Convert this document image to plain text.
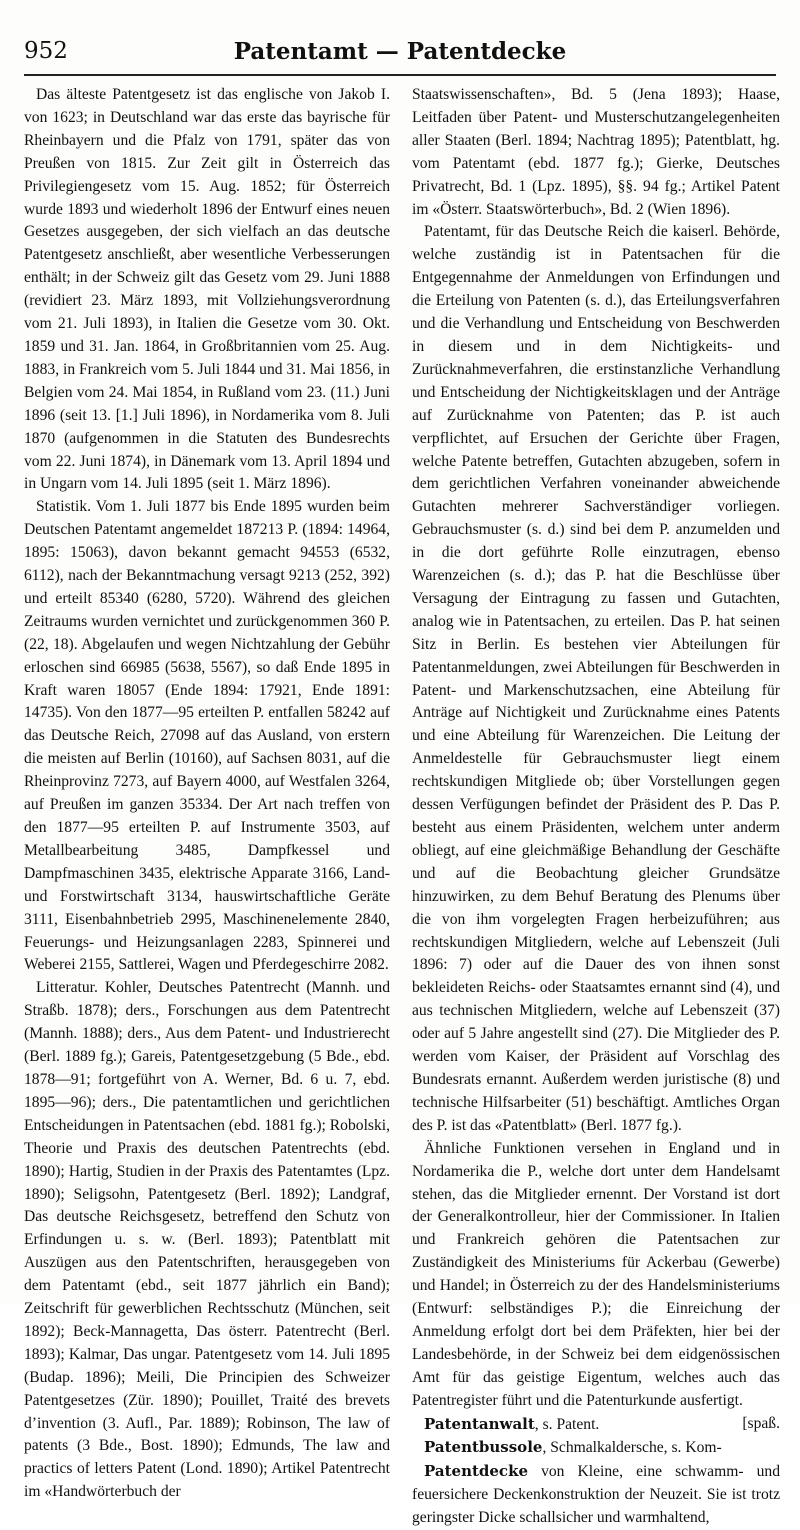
952	Patentamt — Patentdecke

Das älteste Patentgesetz ist das englische von Jakob I. von 1623; in Deutschland war das erste das bayrische für Rheinbayern und die Pfalz von 1791, später das von Preußen von 1815. Zur Zeit gilt in Österreich das Privilegiengesetz vom 15. Aug. 1852; für Österreich wurde 1893 und wiederholt 1896 der Entwurf eines neuen Gesetzes ausgegeben, der sich vielfach an das deutsche Patentgesetz anschließt, aber wesentliche Verbesserungen enthält; in der Schweiz gilt das Gesetz vom 29. Juni 1888 (revidiert 23. März 1893, mit Vollziehungsverordnung vom 21. Juli 1893), in Italien die Gesetze vom 30. Okt. 1859 und 31. Jan. 1864, in Großbritannien vom 25. Aug. 1883, in Frankreich vom 5. Juli 1844 und 31. Mai 1856, in Belgien vom 24. Mai 1854, in Rußland vom 23. (11.) Juni 1896 (seit 13. [1.] Juli 1896), in Nordamerika vom 8. Juli 1870 (aufgenommen in die Statuten des Bundesrechts vom 22. Juni 1874), in Dänemark vom 13. April 1894 und in Ungarn vom 14. Juli 1895 (seit 1. März 1896).

Statistik. Vom 1. Juli 1877 bis Ende 1895 wurden beim Deutschen Patentamt angemeldet 187213 P. (1894: 14964, 1895: 15063), davon bekannt gemacht 94553 (6532, 6112), nach der Bekanntmachung versagt 9213 (252, 392) und erteilt 85340 (6280, 5720). Während des gleichen Zeitraums wurden vernichtet und zurückgenommen 360 P. (22, 18). Abgelaufen und wegen Nichtzahlung der Gebühr erloschen sind 66985 (5638, 5567), so daß Ende 1895 in Kraft waren 18057 (Ende 1894: 17921, Ende 1891: 14735). Von den 1877—95 erteilten P. entfallen 58242 auf das Deutsche Reich, 27098 auf das Ausland, von erstern die meisten auf Berlin (10160), auf Sachsen 8031, auf die Rheinprovinz 7273, auf Bayern 4000, auf Westfalen 3264, auf Preußen im ganzen 35334. Der Art nach treffen von den 1877—95 erteilten P. auf Instrumente 3503, auf Metallbearbeitung 3485, Dampfkessel und Dampfmaschinen 3435, elektrische Apparate 3166, Land- und Forstwirtschaft 3134, hauswirtschaftliche Geräte 3111, Eisenbahnbetrieb 2995, Maschinenelemente 2840, Feuerungs- und Heizungsanlagen 2283, Spinnerei und Weberei 2155, Sattlerei, Wagen und Pferdegeschirre 2082.

Litteratur. Kohler, Deutsches Patentrecht (Mannh. und Straßb. 1878); ders., Forschungen aus dem Patentrecht (Mannh. 1888); ders., Aus dem Patent- und Industrierecht (Berl. 1889 fg.); Gareis, Patentgesetzgebung (5 Bde., ebd. 1878—91; fortgeführt von A. Werner, Bd. 6 u. 7, ebd. 1895—96); ders., Die patentamtlichen und gerichtlichen Entscheidungen in Patentsachen (ebd. 1881 fg.); Robolski, Theorie und Praxis des deutschen Patentrechts (ebd. 1890); Hartig, Studien in der Praxis des Patentamtes (Lpz. 1890); Seligsohn, Patentgesetz (Berl. 1892); Landgraf, Das deutsche Reichsgesetz, betreffend den Schutz von Erfindungen u. s. w. (Berl. 1893); Patentblatt mit Auszügen aus den Patentschriften, herausgegeben von dem Patentamt (ebd., seit 1877 jährlich ein Band); Zeitschrift für gewerblichen Rechtsschutz (München, seit 1892); Beck-Mannagetta, Das österr. Patentrecht (Berl. 1893); Kalmar, Das ungar. Patentgesetz vom 14. Juli 1895 (Budap. 1896); Meili, Die Principien des Schweizer Patentgesetzes (Zür. 1890); Pouillet, Traité des brevets d’invention (3. Aufl., Par. 1889); Robinson, The law of patents (3 Bde., Bost. 1890); Edmunds, The law and practics of letters Patent (Lond. 1890); Artikel Patentrecht im «Handwörterbuch der

Staatswissenschaften», Bd. 5 (Jena 1893); Haase, Leitfaden über Patent- und Musterschutzangelegenheiten aller Staaten (Berl. 1894; Nachtrag 1895); Patentblatt, hg. vom Patentamt (ebd. 1877 fg.); Gierke, Deutsches Privatrecht, Bd. 1 (Lpz. 1895), §§. 94 fg.; Artikel Patent im «Österr. Staatswörterbuch», Bd. 2 (Wien 1896).

Patentamt, für das Deutsche Reich die kaiserl. Behörde, welche zuständig ist in Patentsachen für die Entgegennahme der Anmeldungen von Erfindungen und die Erteilung von Patenten (s. d.), das Erteilungsverfahren und die Verhandlung und Entscheidung von Beschwerden in diesem und in dem Nichtigkeits- und Zurücknahmeverfahren, die erstinstanzliche Verhandlung und Entscheidung der Nichtigkeitsklagen und der Anträge auf Zurücknahme von Patenten; das P. ist auch verpflichtet, auf Ersuchen der Gerichte über Fragen, welche Patente betreffen, Gutachten abzugeben, sofern in dem gerichtlichen Verfahren voneinander abweichende Gutachten mehrerer Sachverständiger vorliegen. Gebrauchsmuster (s. d.) sind bei dem P. anzumelden und in die dort geführte Rolle einzutragen, ebenso Warenzeichen (s. d.); das P. hat die Beschlüsse über Versagung der Eintragung zu fassen und Gutachten, analog wie in Patentsachen, zu erteilen. Das P. hat seinen Sitz in Berlin. Es bestehen vier Abteilungen für Patentanmeldungen, zwei Abteilungen für Beschwerden in Patent- und Markenschutzsachen, eine Abteilung für Anträge auf Nichtigkeit und Zurücknahme eines Patents und eine Abteilung für Warenzeichen. Die Leitung der Anmeldestelle für Gebrauchsmuster liegt einem rechtskundigen Mitgliede ob; über Vorstellungen gegen dessen Verfügungen befindet der Präsident des P. Das P. besteht aus einem Präsidenten, welchem unter anderm obliegt, auf eine gleichmäßige Behandlung der Geschäfte und auf die Beobachtung gleicher Grundsätze hinzuwirken, zu dem Behuf Beratung des Plenums über die von ihm vorgelegten Fragen herbeizuführen; aus rechtskundigen Mitgliedern, welche auf Lebenszeit (Juli 1896: 7) oder auf die Dauer des von ihnen sonst bekleideten Reichs- oder Staatsamtes ernannt sind (4), und aus technischen Mitgliedern, welche auf Lebenszeit (37) oder auf 5 Jahre angestellt sind (27). Die Mitglieder des P. werden vom Kaiser, der Präsident auf Vorschlag des Bundesrats ernannt. Außerdem werden juristische (8) und technische Hilfsarbeiter (51) beschäftigt. Amtliches Organ des P. ist das «Patentblatt» (Berl. 1877 fg.).

Ähnliche Funktionen versehen in England und in Nordamerika die P., welche dort unter dem Handelsamt stehen, das die Mitglieder ernennt. Der Vorstand ist dort der Generalkontrolleur, hier der Commissioner. In Italien und Frankreich gehören die Patentsachen zur Zuständigkeit des Ministeriums für Ackerbau (Gewerbe) und Handel; in Österreich zu der des Handelsministeriums (Entwurf: selbständiges P.); die Einreichung der Anmeldung erfolgt dort bei dem Präfekten, hier bei der Landesbehörde, in der Schweiz bei dem eidgenössischen Amt für das geistige Eigentum, welches auch das Patentregister führt und die Patenturkunde ausfertigt.

Patentanwalt, s. Patent.	[spaß.

Patentbussole, Schmalkaldersche, s. Kom-

Patentdecke von Kleine, eine schwamm- und feuersichere Deckenkonstruktion der Neuzeit. Sie ist trotz geringster Dicke schallsicher und warmhaltend,
